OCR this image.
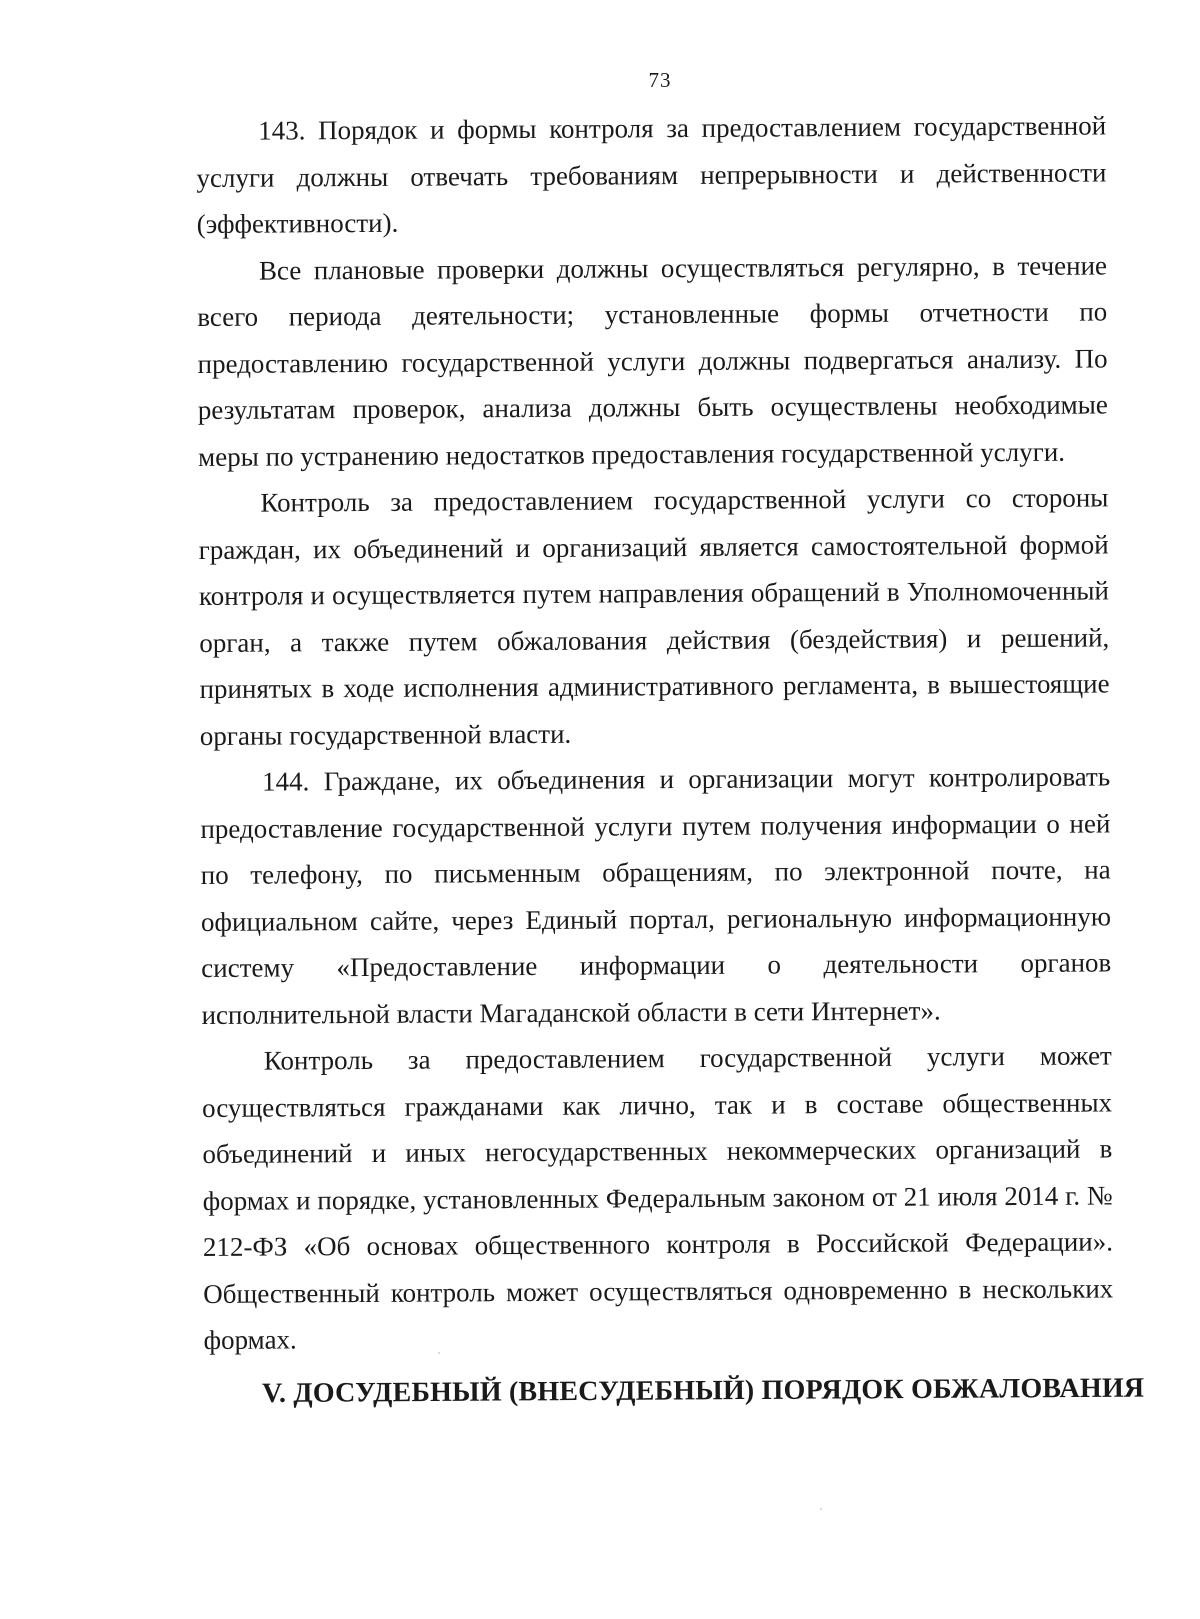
73

143. Порядок и формы контроля за предоставлением государственной услуги должны отвечать требованиям непрерывности и действенности (эффективности).

Все плановые проверки должны осуществляться регулярно, в течение всего периода деятельности; установленные формы отчетности по предоставлению государственной услуги должны подвергаться анализу. По результатам проверок, анализа должны быть осуществлены необходимые меры по устранению недостатков предоставления государственной услуги.

Контроль за предоставлением государственной услуги со стороны граждан, их объединений и организаций является самостоятельной формой контроля и осуществляется путем направления обращений в Уполномоченный орган, а также путем обжалования действия (бездействия) и решений, принятых в ходе исполнения административного регламента, в вышестоящие органы государственной власти.

144. Граждане, их объединения и организации могут контролировать предоставление государственной услуги путем получения информации о ней по телефону, по письменным обращениям, по электронной почте, на официальном сайте, через Единый портал, региональную информационную систему «Предоставление информации о деятельности органов исполнительной власти Магаданской области в сети Интернет».

Контроль за предоставлением государственной услуги может осуществляться гражданами как лично, так и в составе общественных объединений и иных негосударственных некоммерческих организаций в формах и порядке, установленных Федеральным законом от 21 июля 2014 г. № 212-ФЗ «Об основах общественного контроля в Российской Федерации». Общественный контроль может осуществляться одновременно в нескольких формах.

V. ДОСУДЕБНЫЙ (ВНЕСУДЕБНЫЙ) ПОРЯДОК ОБЖАЛОВАНИЯ
